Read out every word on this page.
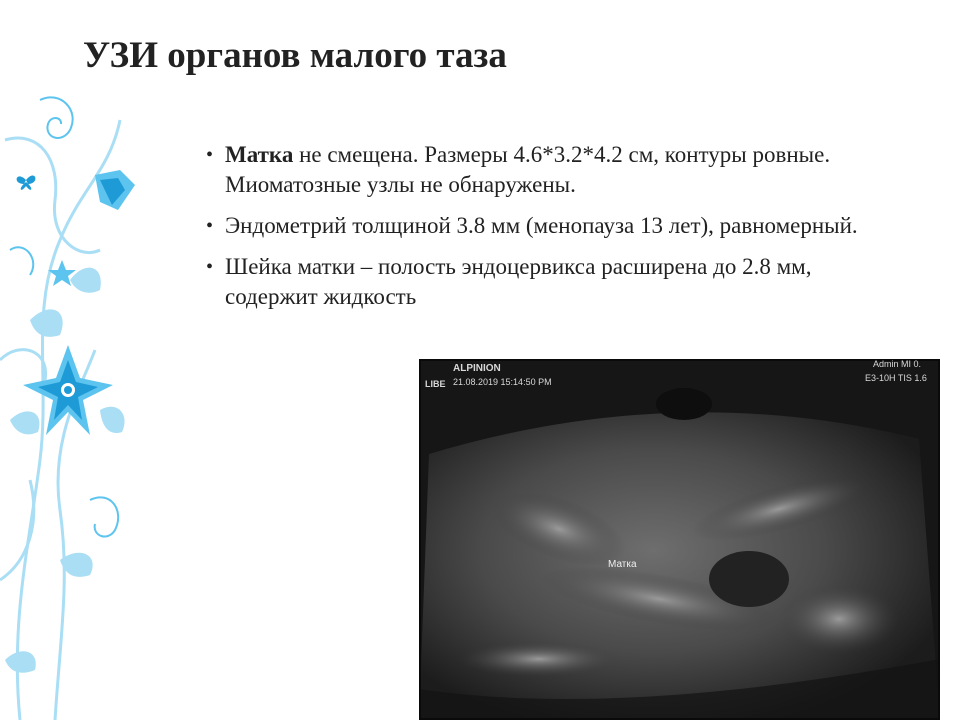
УЗИ органов малого таза
• Матка не смещена. Размеры 4.6*3.2*4.2 см, контуры ровные. Миоматозные узлы не обнаружены.
• Эндометрий толщиной 3.8 мм (менопауза 13 лет), равномерный.
• Шейка матки – полость эндоцервикса расширена до 2.8 мм, содержит жидкость
ALPINION
21.08.2019 15:14:50 PM
LIBE
Admin MI 0.
E3-10H TIS 1.6
Матка
